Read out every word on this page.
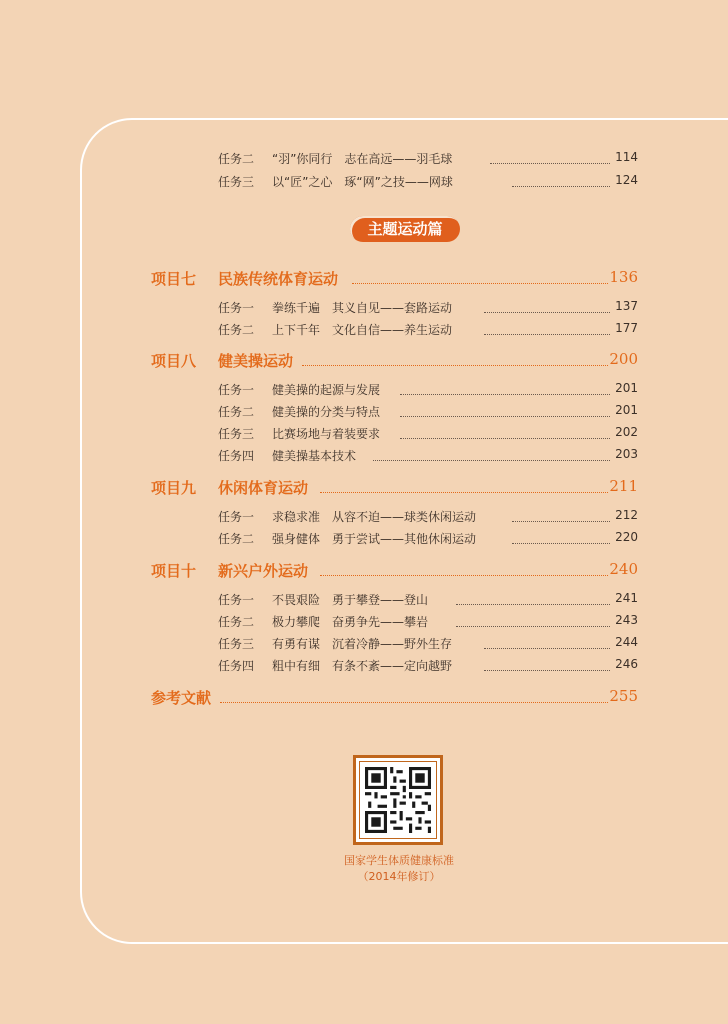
任务二 “羽”你同行　志在高远——羽毛球	114
任务三 以“匠”之心　琢“网”之技——网球	124
主题运动篇
项目七 民族传统体育运动	136
任务一 拳练千遍　其义自见——套路运动	137
任务二 上下千年　文化自信——养生运动	177
项目八 健美操运动	200
任务一 健美操的起源与发展	201
任务二 健美操的分类与特点	201
任务三 比赛场地与着装要求	202
任务四 健美操基本技术	203
项目九 休闲体育运动	211
任务一 求稳求准　从容不迫——球类休闲运动	212
任务二 强身健体　勇于尝试——其他休闲运动	220
项目十 新兴户外运动	240
任务一 不畏艰险　勇于攀登——登山	241
任务二 极力攀爬　奋勇争先——攀岩	243
任务三 有勇有谋　沉着冷静——野外生存	244
任务四 粗中有细　有条不紊——定向越野	246
参考文献	255
国家学生体质健康标准
（2014年修订）
